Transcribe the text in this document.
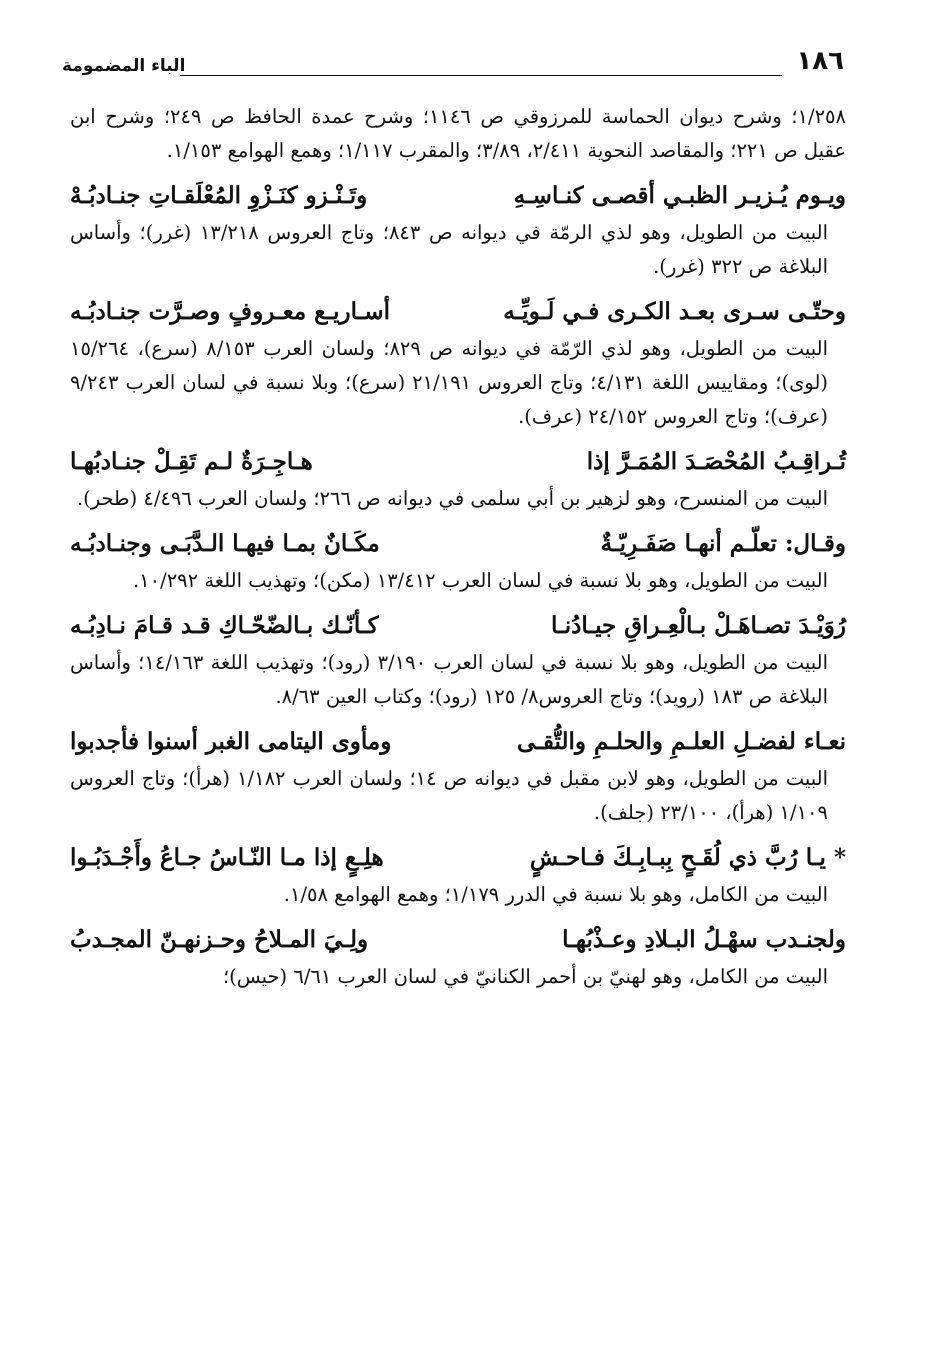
١٨٦
الباء المضمومة
١/٢٥٨؛ وشرح ديوان الحماسة للمرزوقي ص ١١٤٦؛ وشرح عمدة الحافظ ص ٢٤٩؛ وشرح ابن عقيل ص ٢٢١؛ والمقاصد النحوية ٢/٤١١، ٣/٨٩؛ والمقرب ١/١١٧؛ وهمع الهوامع ١/١٥٣.
ويـوم يُـزيـر الظبـي أقصـى كنـاسِـهِ
وتَـنْـزو كنَـزْوِ المُعْلَقـاتِ جنـادبُـهْ
البيت من الطويل، وهو لذي الرمّة في ديوانه ص ٨٤٣؛ وتاج العروس ١٣/٢١٨ (غرر)؛ وأساس البلاغة ص ٣٢٢ (غرر).
وحتّـى سـرى بعـد الكـرى فـي لَـويِّـه
أسـاريـع معـروفٍ وصـرَّت جنـادبُـه
البيت من الطويل، وهو لذي الرّمّة في ديوانه ص ٨٢٩؛ ولسان العرب ٨/١٥٣ (سرع)، ١٥/٢٦٤ (لوى)؛ ومقاييس اللغة ٤/١٣١؛ وتاج العروس ٢١/١٩١ (سرع)؛ وبلا نسبة في لسان العرب ٩/٢٤٣ (عرف)؛ وتاج العروس ٢٤/١٥٢ (عرف).
تُـراقِـبُ المُحْصَـدَ المُمَـرَّ إذا
هـاجِـرَةٌ لـم تَقِـلْ جنـادبُهـا
البيت من المنسرح، وهو لزهير بن أبي سلمى في ديوانه ص ٢٦٦؛ ولسان العرب ٤/٤٩٦ (طحر).
وقـال: تعلّـم أنهـا صَفَـرِيّـةٌ
مكَـانٌ بمـا فيهـا الـدَّبَـى وجنـادبُـه
البيت من الطويل، وهو بلا نسبة في لسان العرب ١٣/٤١٢ (مكن)؛ وتهذيب اللغة ١٠/٢٩٢.
رُوَيْـدَ تصـاهَـلْ بـالْعِـراقِ جيـادُنـا
كـأنّـك بـالضّحّـاكِ قـد قـامَ نـادِبُـه
البيت من الطويل، وهو بلا نسبة في لسان العرب ٣/١٩٠ (رود)؛ وتهذيب اللغة ١٤/١٦٣؛ وأساس البلاغة ص ١٨٣ (رويد)؛ وتاج العروس٨/ ١٢٥ (رود)؛ وكتاب العين ٨/٦٣.
نعـاء لفضـلِ العلـمِ والحلـمِ والتُّقـى
ومأوى اليتامى الغبر أسنوا فأجدبوا
البيت من الطويل، وهو لابن مقبل في ديوانه ص ١٤؛ ولسان العرب ١/١٨٢ (هرأ)؛ وتاج العروس ١/١٠٩ (هرأ)، ٢٣/١٠٠ (جلف).
* يـا رُبَّ ذي لُقَـحٍ بِبـابِـكَ فـاحـشٍ
هلِـعٍ إذا مـا النّـاسُ جـاعُ وأَجْـدَبُـوا
البيت من الكامل، وهو بلا نسبة في الدرر ١/١٧٩؛ وهمع الهوامع ١/٥٨.
ولجنـدب سهْـلُ البـلادِ وعـذْبُهـا
ولِـيَ المـلاحُ وحـزنهـنّ المجـدبُ
البيت من الكامل، وهو لهنيّ بن أحمر الكنانيّ في لسان العرب ٦/٦١ (حيس)؛
